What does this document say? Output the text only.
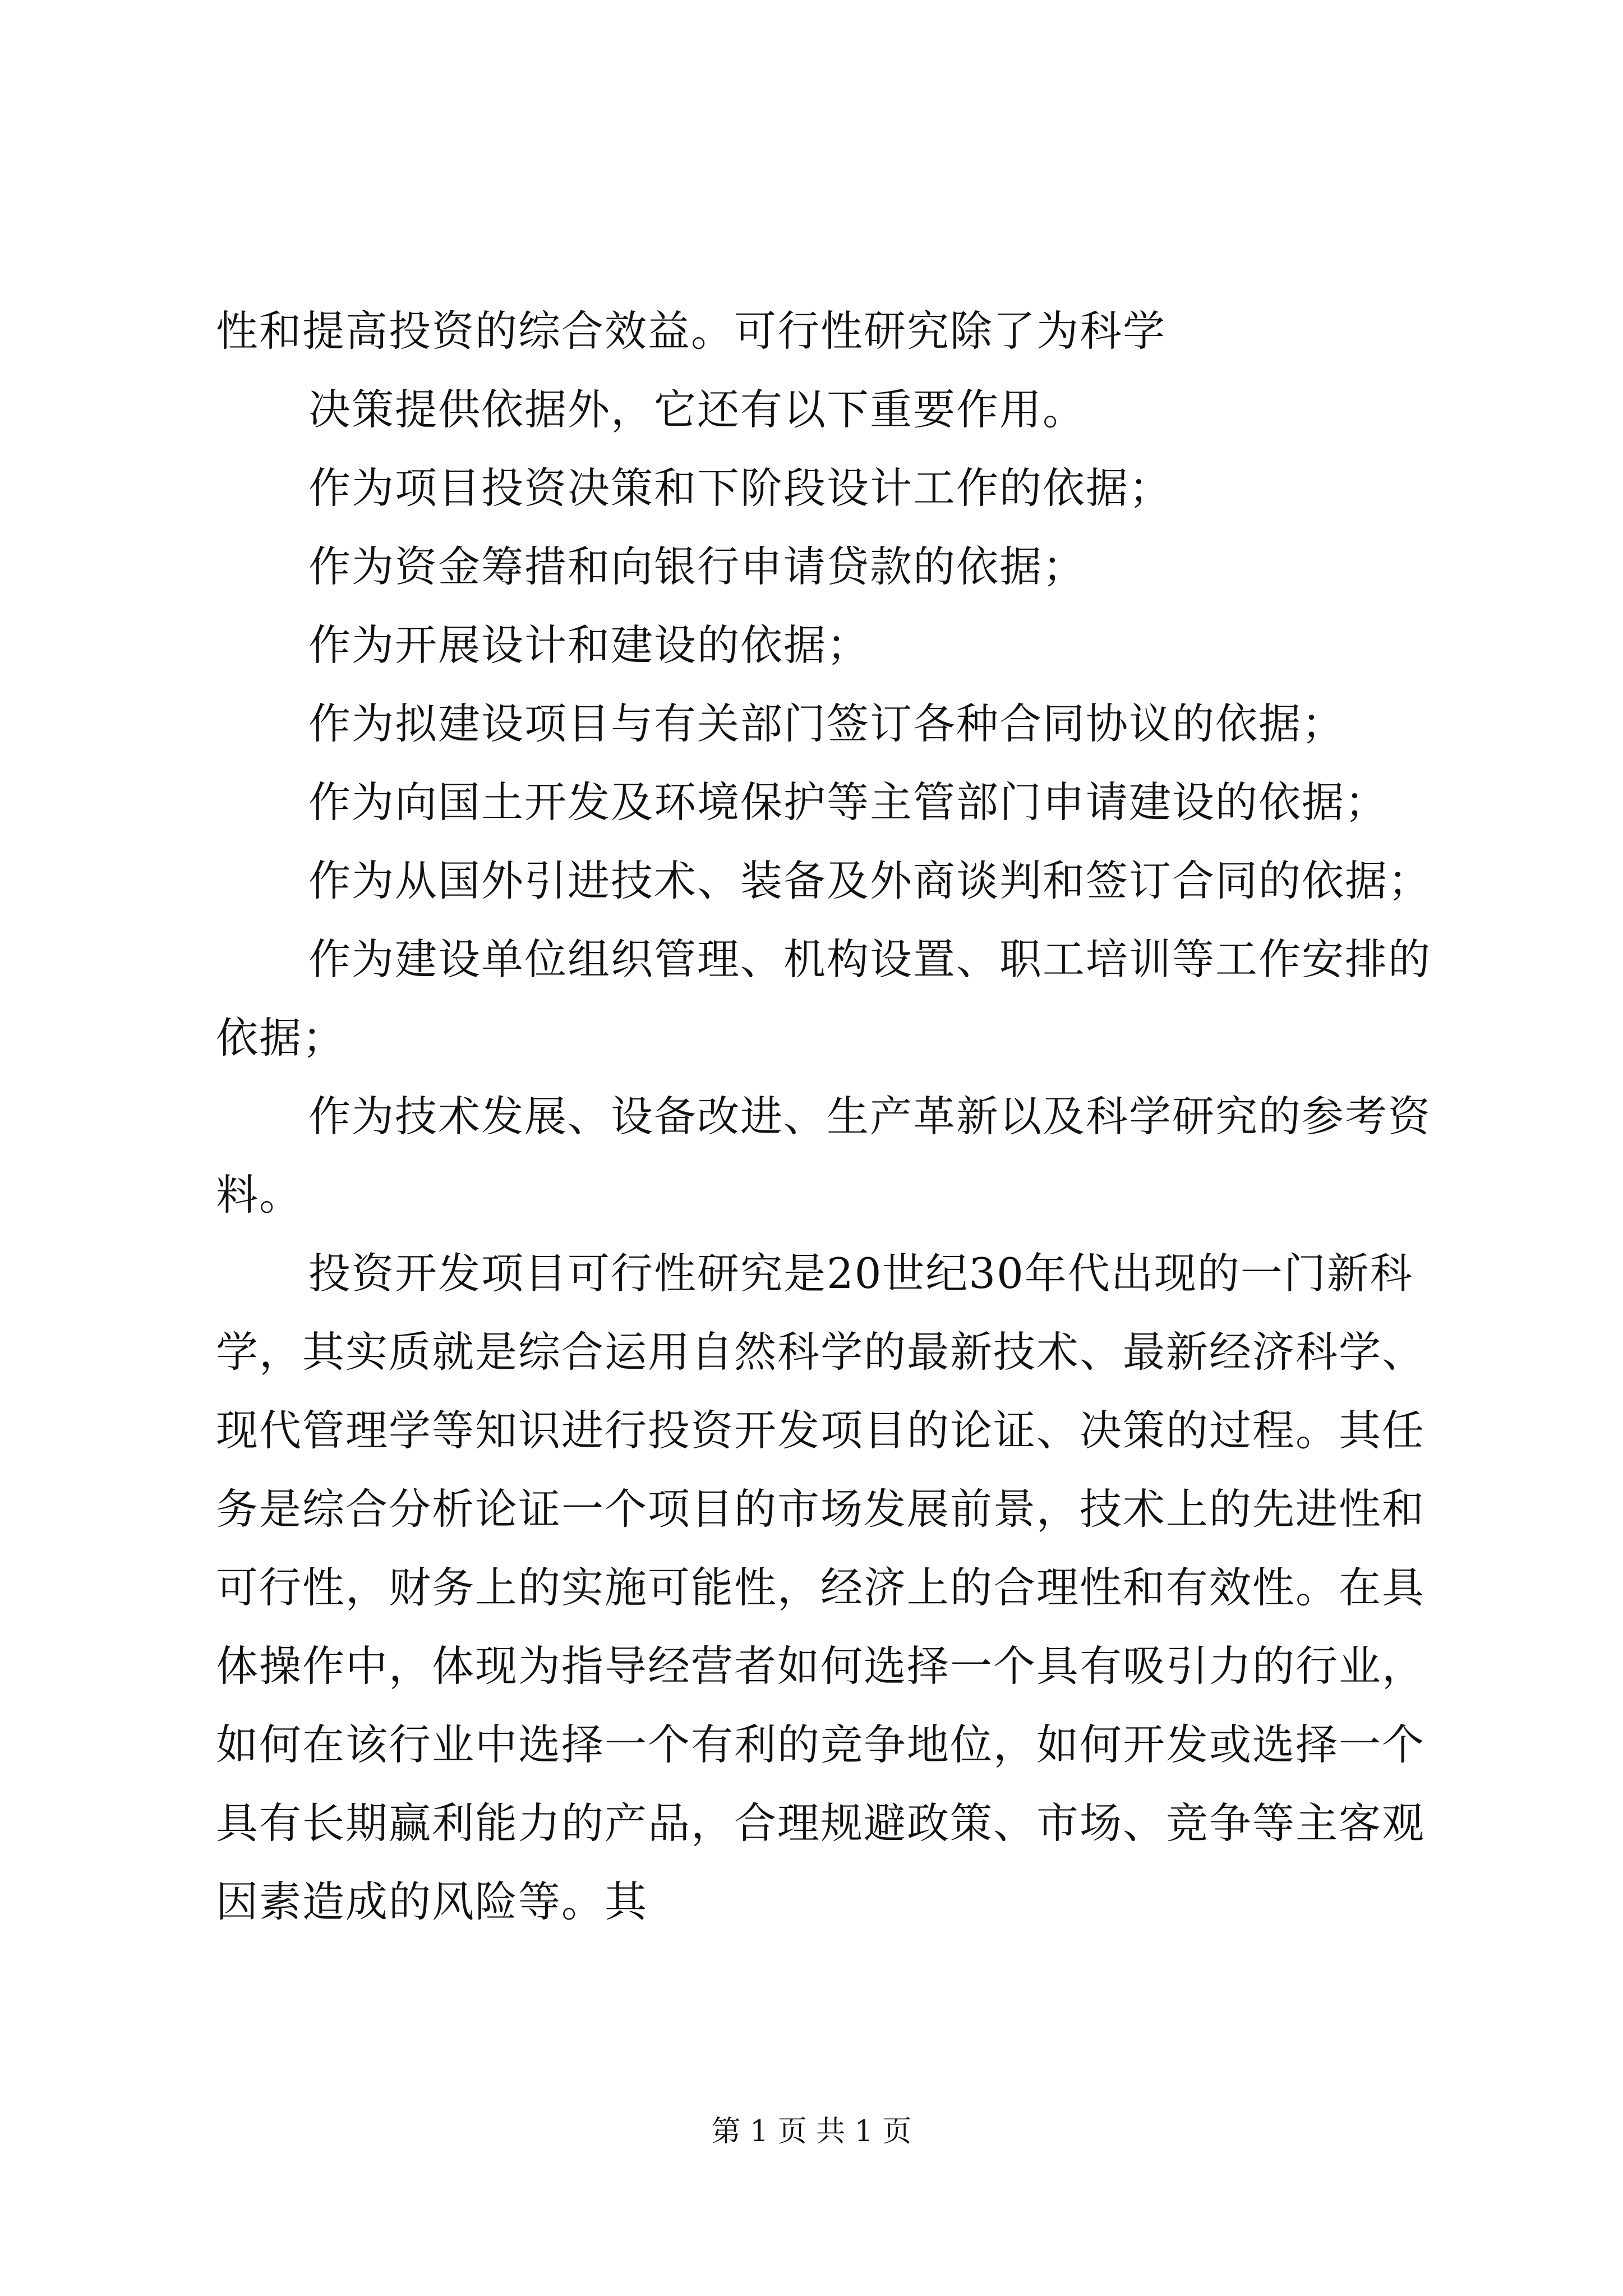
性和提高投资的综合效益。可行性研究除了为科学
决策提供依据外，它还有以下重要作用。
作为项目投资决策和下阶段设计工作的依据；
作为资金筹措和向银行申请贷款的依据；
作为开展设计和建设的依据；
作为拟建设项目与有关部门签订各种合同协议的依据；
作为向国土开发及环境保护等主管部门申请建设的依据；
作为从国外引进技术、装备及外商谈判和签订合同的依据；
作为建设单位组织管理、机构设置、职工培训等工作安排的
依据；
作为技术发展、设备改进、生产革新以及科学研究的参考资
料。
投资开发项目可行性研究是20世纪30年代出现的一门新科
学，其实质就是综合运用自然科学的最新技术、最新经济科学、
现代管理学等知识进行投资开发项目的论证、决策的过程。其任
务是综合分析论证一个项目的市场发展前景，技术上的先进性和
可行性，财务上的实施可能性，经济上的合理性和有效性。在具
体操作中，体现为指导经营者如何选择一个具有吸引力的行业，
如何在该行业中选择一个有利的竞争地位，如何开发或选择一个
具有长期赢利能力的产品，合理规避政策、市场、竞争等主客观
因素造成的风险等。其
第 1 页 共 1 页
